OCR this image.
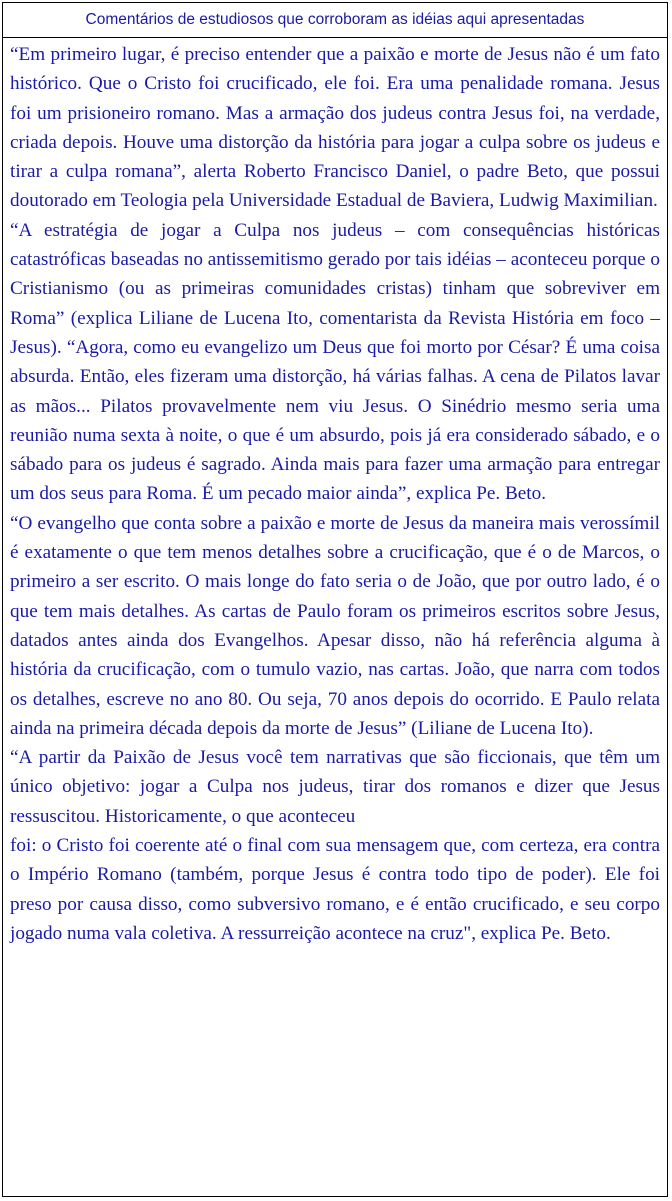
Comentários de estudiosos que corroboram as idéias aqui apresentadas

“Em primeiro lugar, é preciso entender que a paixão e morte de Jesus não é um fato histórico. Que o Cristo foi crucificado, ele foi. Era uma penalidade romana. Jesus foi um prisioneiro romano. Mas a armação dos judeus contra Jesus foi, na verdade, criada depois. Houve uma distorção da história para jogar a culpa sobre os judeus e tirar a culpa romana”, alerta Roberto Francisco Daniel, o padre Beto, que possui doutorado em Teologia pela Universidade Estadual de Baviera, Ludwig Maximilian.

“A estratégia de jogar a Culpa nos judeus – com consequências históricas catastróficas baseadas no antissemitismo gerado por tais idéias – aconteceu porque o Cristianismo (ou as primeiras comunidades cristas) tinham que sobreviver em Roma” (explica Liliane de Lucena Ito, comentarista da Revista História em foco – Jesus). “Agora, como eu evangelizo um Deus que foi morto por César? É uma coisa absurda. Então, eles fizeram uma distorção, há várias falhas. A cena de Pilatos lavar as mãos... Pilatos provavelmente nem viu Jesus. O Sinédrio mesmo seria uma reunião numa sexta à noite, o que é um absurdo, pois já era considerado sábado, e o sábado para os judeus é sagrado. Ainda mais para fazer uma armação para entregar um dos seus para Roma. É um pecado maior ainda”, explica Pe. Beto.

“O evangelho que conta sobre a paixão e morte de Jesus da maneira mais verossímil é exatamente o que tem menos detalhes sobre a crucificação, que é o de Marcos, o primeiro a ser escrito. O mais longe do fato seria o de João, que por outro lado, é o que tem mais detalhes. As cartas de Paulo foram os primeiros escritos sobre Jesus, datados antes ainda dos Evangelhos. Apesar disso, não há referência alguma à história da crucificação, com o tumulo vazio, nas cartas. João, que narra com todos os detalhes, escreve no ano 80. Ou seja, 70 anos depois do ocorrido. E Paulo relata ainda na primeira década depois da morte de Jesus” (Liliane de Lucena Ito).

“A partir da Paixão de Jesus você tem narrativas que são ficcionais, que têm um único objetivo: jogar a Culpa nos judeus, tirar dos romanos e dizer que Jesus ressuscitou. Historicamente, o que aconteceu

foi: o Cristo foi coerente até o final com sua mensagem que, com certeza, era contra o Império Romano (também, porque Jesus é contra todo tipo de poder). Ele foi preso por causa disso, como subversivo romano, e é então crucificado, e seu corpo jogado numa vala coletiva. A ressurreição acontece na cruz", explica Pe. Beto.
